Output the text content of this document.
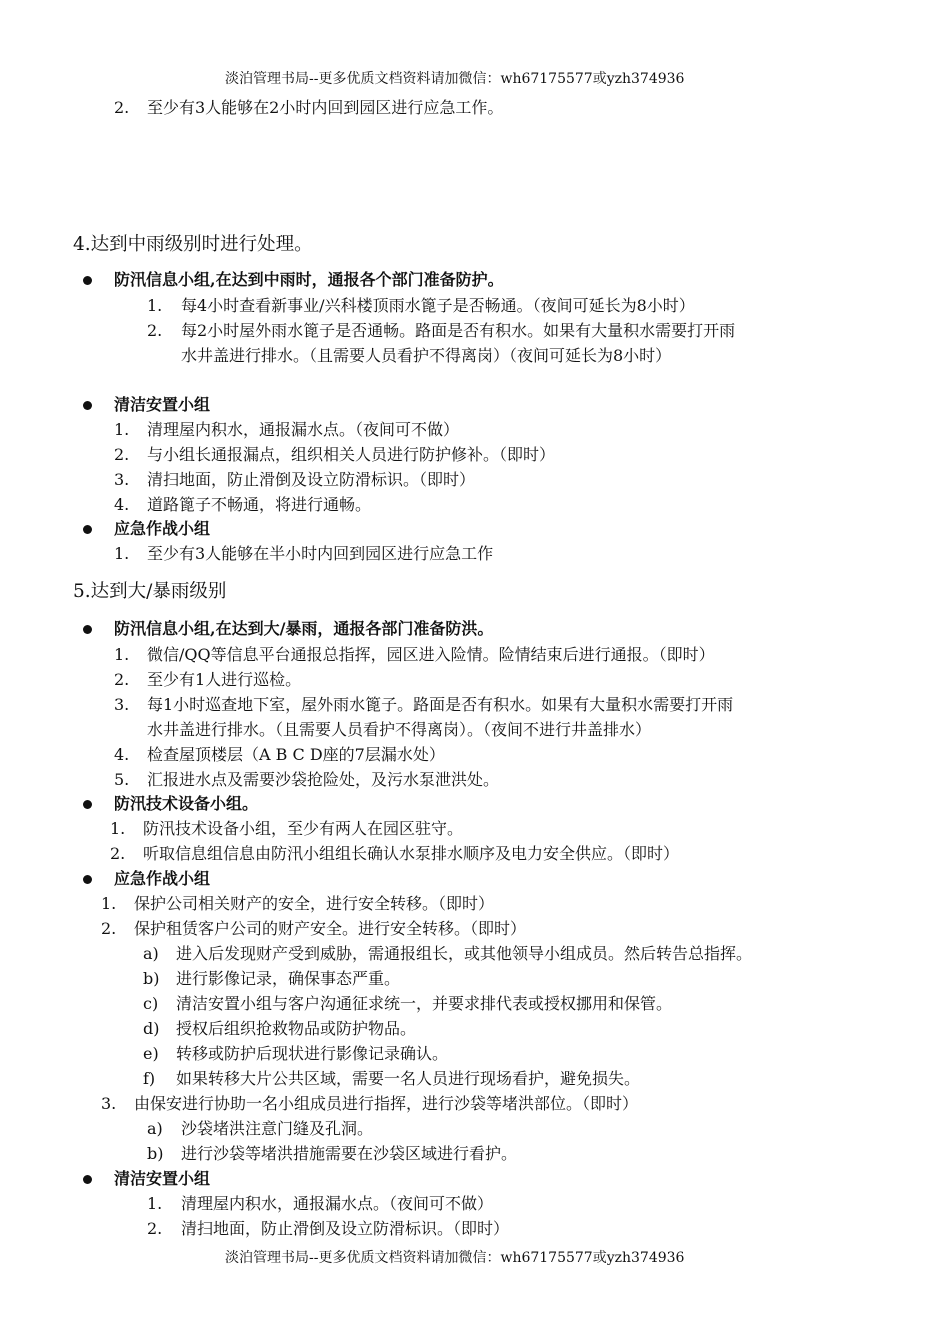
淡泊管理书局--更多优质文档资料请加微信：wh67175577或yzh374936
2. 至少有3人能够在2小时内回到园区进行应急工作。
4.达到中雨级别时进行处理。
防汛信息小组,在达到中雨时，通报各个部门准备防护。
1. 每4小时查看新事业/兴科楼顶雨水篦子是否畅通。（夜间可延长为8小时）
2. 每2小时屋外雨水篦子是否通畅。路面是否有积水。如果有大量积水需要打开雨
水井盖进行排水。（且需要人员看护不得离岗）（夜间可延长为8小时）
清洁安置小组
1. 清理屋内积水，通报漏水点。（夜间可不做）
2. 与小组长通报漏点，组织相关人员进行防护修补。（即时）
3. 清扫地面，防止滑倒及设立防滑标识。（即时）
4. 道路篦子不畅通，将进行通畅。
应急作战小组
1. 至少有3人能够在半小时内回到园区进行应急工作
5.达到大/暴雨级别
防汛信息小组,在达到大/暴雨，通报各部门准备防洪。
1. 微信/QQ等信息平台通报总指挥，园区进入险情。险情结束后进行通报。（即时）
2. 至少有1人进行巡检。
3. 每1小时巡查地下室，屋外雨水篦子。路面是否有积水。如果有大量积水需要打开雨
水井盖进行排水。（且需要人员看护不得离岗）。（夜间不进行井盖排水）
4. 检查屋顶楼层（A B C D座的7层漏水处）
5. 汇报进水点及需要沙袋抢险处，及污水泵泄洪处。
防汛技术设备小组。
1. 防汛技术设备小组，至少有两人在园区驻守。
2. 听取信息组信息由防汛小组组长确认水泵排水顺序及电力安全供应。（即时）
应急作战小组
1. 保护公司相关财产的安全，进行安全转移。（即时）
2. 保护租赁客户公司的财产安全。进行安全转移。（即时）
a) 进入后发现财产受到威胁，需通报组长，或其他领导小组成员。然后转告总指挥。
b) 进行影像记录，确保事态严重。
c) 清洁安置小组与客户沟通征求统一，并要求排代表或授权挪用和保管。
d) 授权后组织抢救物品或防护物品。
e) 转移或防护后现状进行影像记录确认。
f) 如果转移大片公共区域，需要一名人员进行现场看护，避免损失。
3. 由保安进行协助一名小组成员进行指挥，进行沙袋等堵洪部位。（即时）
a) 沙袋堵洪注意门缝及孔洞。
b) 进行沙袋等堵洪措施需要在沙袋区域进行看护。
清洁安置小组
1. 清理屋内积水，通报漏水点。（夜间可不做）
2. 清扫地面，防止滑倒及设立防滑标识。（即时）
淡泊管理书局--更多优质文档资料请加微信：wh67175577或yzh374936
